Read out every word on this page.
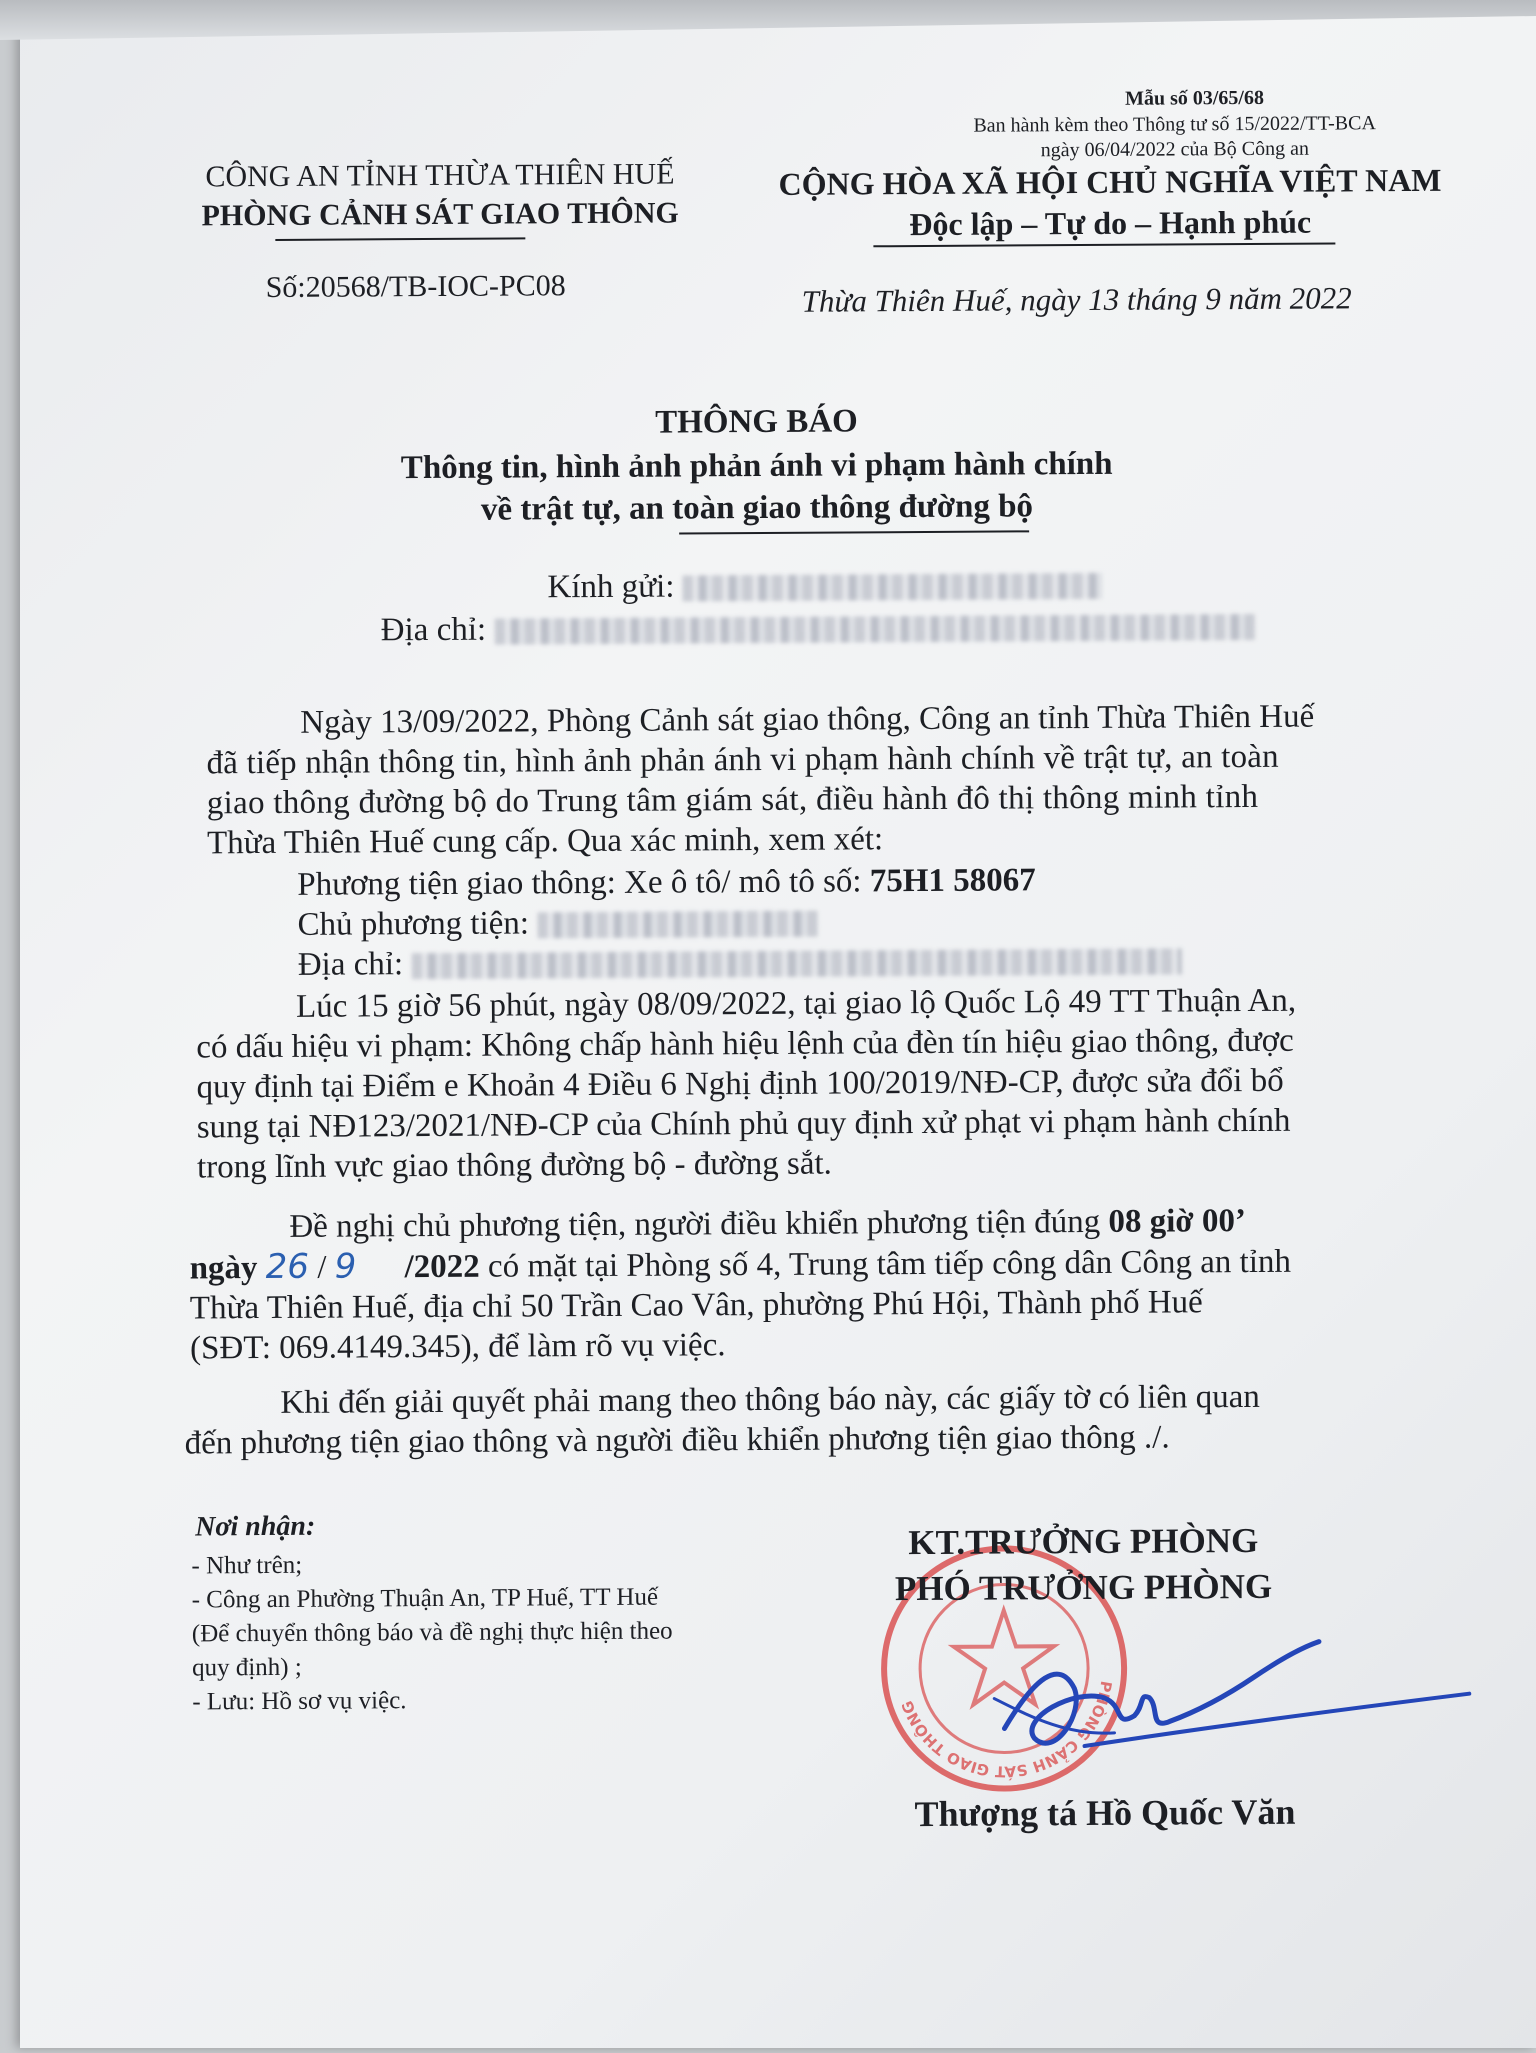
Mẫu số 03/65/68
Ban hành kèm theo Thông tư số 15/2022/TT-BCA
ngày 06/04/2022 của Bộ Công an
CÔNG AN TỈNH THỪA THIÊN HUẾ
PHÒNG CẢNH SÁT GIAO THÔNG
Số:20568/TB-IOC-PC08
CỘNG HÒA XÃ HỘI CHỦ NGHĨA VIỆT NAM
Độc lập – Tự do – Hạnh phúc
Thừa Thiên Huế, ngày 13 tháng 9 năm 2022
THÔNG BÁO
Thông tin, hình ảnh phản ánh vi phạm hành chính
về trật tự, an toàn giao thông đường bộ
Kính gửi:
Địa chỉ:
Ngày 13/09/2022, Phòng Cảnh sát giao thông, Công an tỉnh Thừa Thiên Huế
đã tiếp nhận thông tin, hình ảnh phản ánh vi phạm hành chính về trật tự, an toàn
giao thông đường bộ do Trung tâm giám sát, điều hành đô thị thông minh tỉnh
Thừa Thiên Huế cung cấp. Qua xác minh, xem xét:
Phương tiện giao thông: Xe ô tô/ mô tô số: 75H1 58067
Chủ phương tiện:
Địa chỉ:
Lúc 15 giờ 56 phút, ngày 08/09/2022, tại giao lộ Quốc Lộ 49 TT Thuận An,
có dấu hiệu vi phạm: Không chấp hành hiệu lệnh của đèn tín hiệu giao thông, được
quy định tại Điểm e Khoản 4 Điều 6 Nghị định 100/2019/NĐ-CP, được sửa đổi bổ
sung tại NĐ123/2021/NĐ-CP của Chính phủ quy định xử phạt vi phạm hành chính
trong lĩnh vực giao thông đường bộ - đường sắt.
Đề nghị chủ phương tiện, người điều khiển phương tiện đúng 08 giờ 00’
ngày 26 / 9 /2022 có mặt tại Phòng số 4, Trung tâm tiếp công dân Công an tỉnh
Thừa Thiên Huế, địa chỉ 50 Trần Cao Vân, phường Phú Hội, Thành phố Huế
(SĐT: 069.4149.345), để làm rõ vụ việc.
Khi đến giải quyết phải mang theo thông báo này, các giấy tờ có liên quan
đến phương tiện giao thông và người điều khiển phương tiện giao thông ./.
Nơi nhận:
- Như trên;
- Công an Phường Thuận An, TP Huế, TT Huế
(Để chuyển thông báo và đề nghị thực hiện theo
quy định) ;
- Lưu: Hồ sơ vụ việc.
PHÒNG CẢNH SÁT GIAO THÔNG
KT.TRƯỞNG PHÒNG
PHÓ TRƯỞNG PHÒNG
Thượng tá Hồ Quốc Văn
